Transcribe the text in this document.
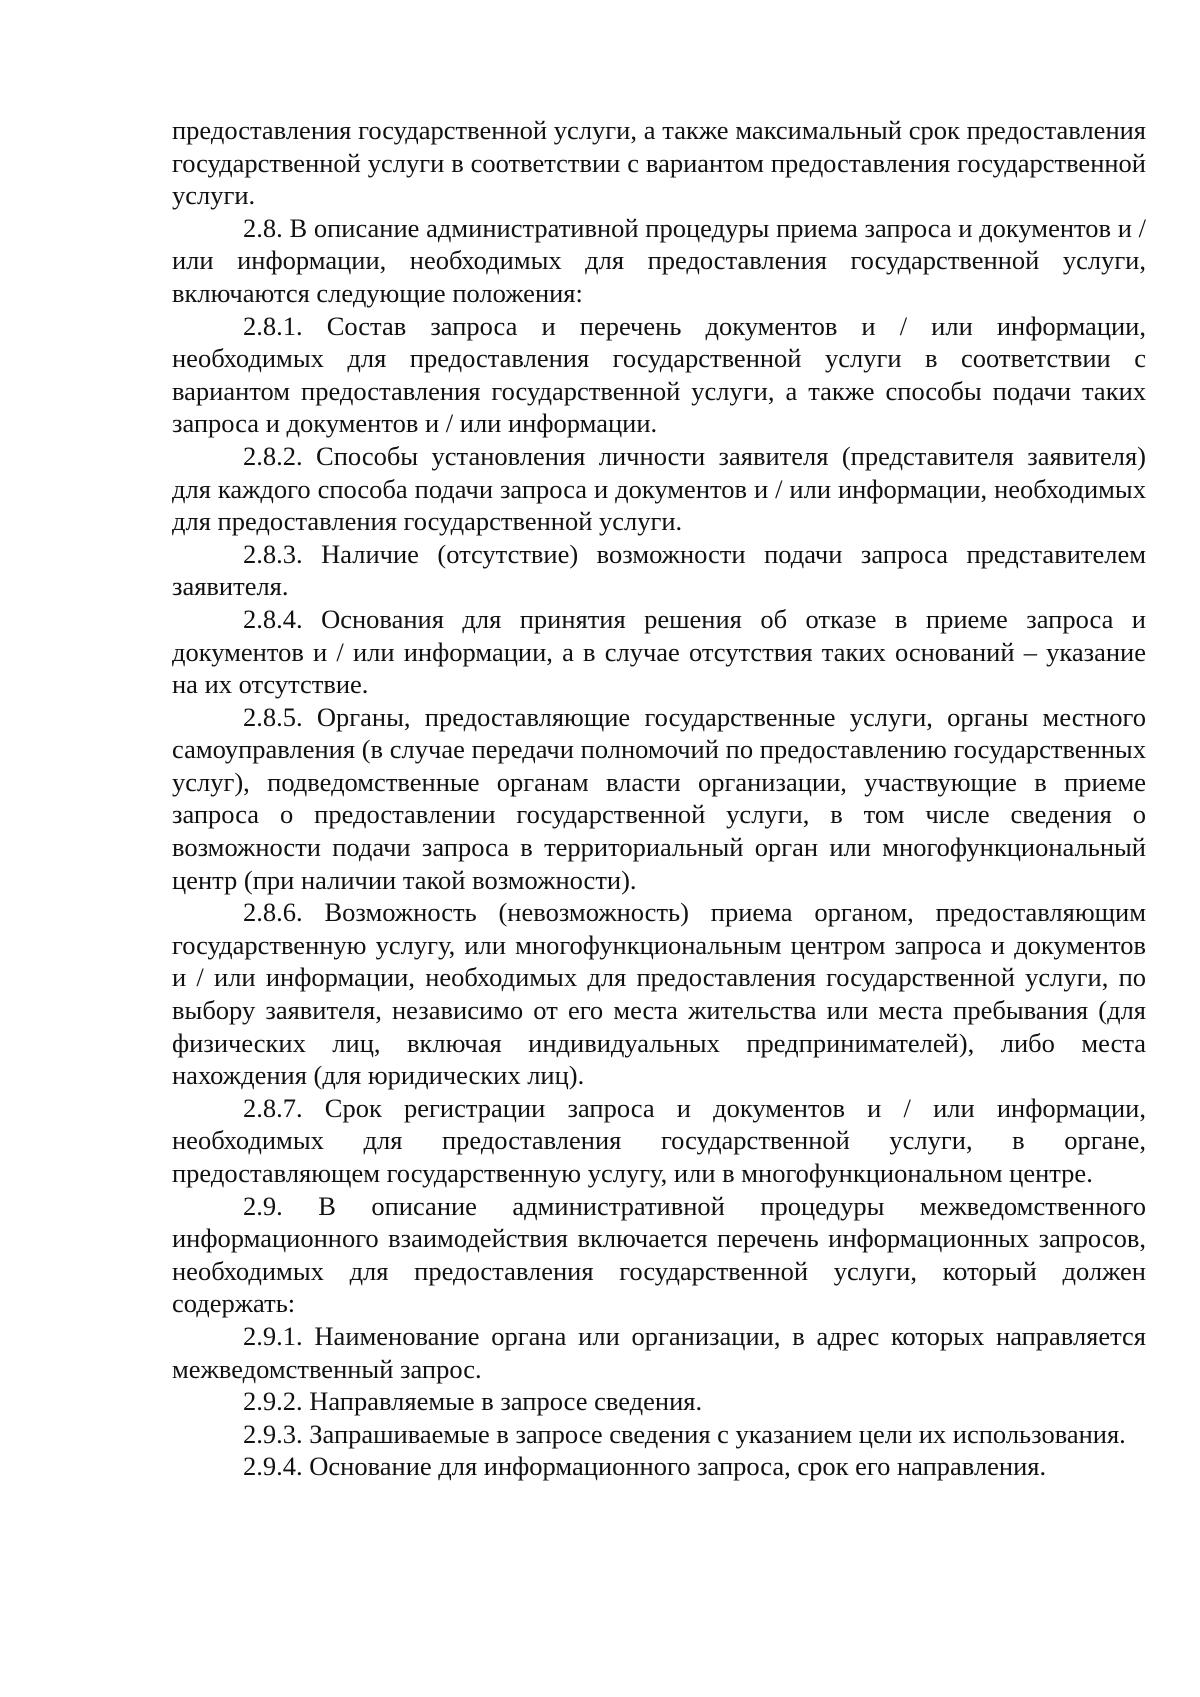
предоставления государственной услуги, а также максимальный срок предоставления государственной услуги в соответствии с вариантом предоставления государственной услуги.

2.8. В описание административной процедуры приема запроса и документов и / или информации, необходимых для предоставления государственной услуги, включаются следующие положения:

2.8.1. Состав запроса и перечень документов и / или информации, необходимых для предоставления государственной услуги в соответствии с вариантом предоставления государственной услуги, а также способы подачи таких запроса и документов и / или информации.

2.8.2. Способы установления личности заявителя (представителя заявителя) для каждого способа подачи запроса и документов и / или информации, необходимых для предоставления государственной услуги.

2.8.3. Наличие (отсутствие) возможности подачи запроса представителем заявителя.

2.8.4. Основания для принятия решения об отказе в приеме запроса и документов и / или информации, а в случае отсутствия таких оснований – указание на их отсутствие.

2.8.5. Органы, предоставляющие государственные услуги, органы местного самоуправления (в случае передачи полномочий по предоставлению государственных услуг), подведомственные органам власти организации, участвующие в приеме запроса о предоставлении государственной услуги, в том числе сведения о возможности подачи запроса в территориальный орган или многофункциональный центр (при наличии такой возможности).

2.8.6. Возможность (невозможность) приема органом, предоставляющим государственную услугу, или многофункциональным центром запроса и документов и / или информации, необходимых для предоставления государственной услуги, по выбору заявителя, независимо от его места жительства или места пребывания (для физических лиц, включая индивидуальных предпринимателей), либо места нахождения (для юридических лиц).

2.8.7. Срок регистрации запроса и документов и / или информации, необходимых для предоставления государственной услуги, в органе, предоставляющем государственную услугу, или в многофункциональном центре.

2.9. В описание административной процедуры межведомственного информационного взаимодействия включается перечень информационных запросов, необходимых для предоставления государственной услуги, который должен содержать:

2.9.1. Наименование органа или организации, в адрес которых направляется межведомственный запрос.

2.9.2. Направляемые в запросе сведения.

2.9.3. Запрашиваемые в запросе сведения с указанием цели их использования.

2.9.4. Основание для информационного запроса, срок его направления.
